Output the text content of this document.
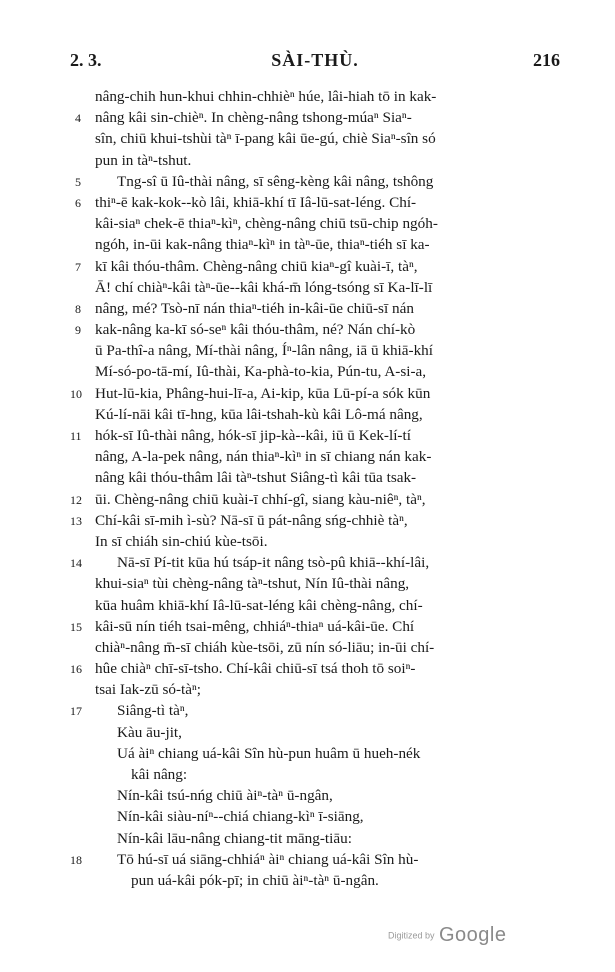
2. 3.	SÀI-THÙ.	216
nâng-chih hun-khui chhin-chhièⁿ húe, lâi-hiah tō in kak-
4 nâng kâi sin-chièⁿ. In chèng-nâng tshong-múaⁿ Siaⁿ-
sîn, chiū khui-tshùi tàⁿ ī-pang kâi ūe-gú, chiè Siaⁿ-sîn só
pun in tàⁿ-tshut.
5	Tng-sî ū Iû-thài nâng, sī sêng-kèng kâi nâng, tshông
6 thiⁿ-ē kak-kok--kò lâi, khiā-khí tī Iâ-lū-sat-léng. Chí-
kâi-siaⁿ chek-ē thiaⁿ-kìⁿ, chèng-nâng chiū tsū-chip ngóh-
ngóh, in-ūi kak-nâng thiaⁿ-kìⁿ in tàⁿ-ūe, thiaⁿ-tiéh sī ka-
7 kī kâi thóu-thâm. Chèng-nâng chiū kiaⁿ-gî kuài-ī, tàⁿ,
Ā! chí chiàⁿ-kâi tàⁿ-ūe--kâi khá-m̄ lóng-tsóng sī Ka-lī-lī
8 nâng, mé? Tsò-nī nán thiaⁿ-tiéh in-kâi-ūe chiū-sī nán
9 kak-nâng ka-kī só-seⁿ kâi thóu-thâm, né? Nán chí-kò
ū Pa-thî-a nâng, Mí-thài nâng, Íⁿ-lân nâng, iā ū khiā-khí
Mí-só-po-tā-mí, Iû-thài, Ka-phà-to-kia, Pún-tu, A-si-a,
10 Hut-lū-kia, Phâng-hui-lī-a, Ai-kip, kūa Lū-pí-a sók kūn
Kú-lí-nāi kâi tī-hng, kūa lâi-tshah-kù kâi Lô-má nâng,
11 hók-sī Iû-thài nâng, hók-sī jip-kà--kâi, iū ū Kek-lí-tí
nâng, A-la-pek nâng, nán thiaⁿ-kìⁿ in sī chiang nán kak-
nâng kâi thóu-thâm lâi tàⁿ-tshut Siâng-tì kâi tūa tsak-
12 ūi. Chèng-nâng chiū kuài-ī chhí-gî, siang kàu-niêⁿ, tàⁿ,
13 Chí-kâi sī-mih ì-sù? Nā-sī ū pát-nâng sńg-chhiè tàⁿ,
In sī chiáh sin-chiú kùe-tsōi.
14 Nā-sī Pí-tit kūa hú tsáp-it nâng tsò-pû khiā--khí-lâi,
khui-siaⁿ tùi chèng-nâng tàⁿ-tshut, Nín Iû-thài nâng,
kūa huâm khiā-khí Iâ-lū-sat-léng kâi chèng-nâng, chí-
15 kâi-sū nín tiéh tsai-mêng, chhiáⁿ-thiaⁿ uá-kâi-ūe. Chí
chiàⁿ-nâng m̄-sī chiáh kùe-tsōi, zū nín só-liāu; in-ūi chí-
16 hûe chiàⁿ chī-sī-tsho. Chí-kâi chiū-sī tsá thoh tō soiⁿ-
tsai Iak-zū só-tàⁿ;
17 Siâng-tì tàⁿ,
Kàu āu-jit,
Uá àiⁿ chiang uá-kâi Sîn hù-pun huâm ū hueh-nék
kâi nâng:
Nín-kâi tsú-nńg chiū àiⁿ-tàⁿ ū-ngân,
Nín-kâi siàu-níⁿ--chiá chiang-kìⁿ ī-siāng,
Nín-kâi lāu-nâng chiang-tit māng-tiāu:
18 Tō hú-sī uá siāng-chhiáⁿ àiⁿ chiang uá-kâi Sîn hù-
pun uá-kâi pók-pī; in chiū àiⁿ-tàⁿ ū-ngân.
Digitized by Google
